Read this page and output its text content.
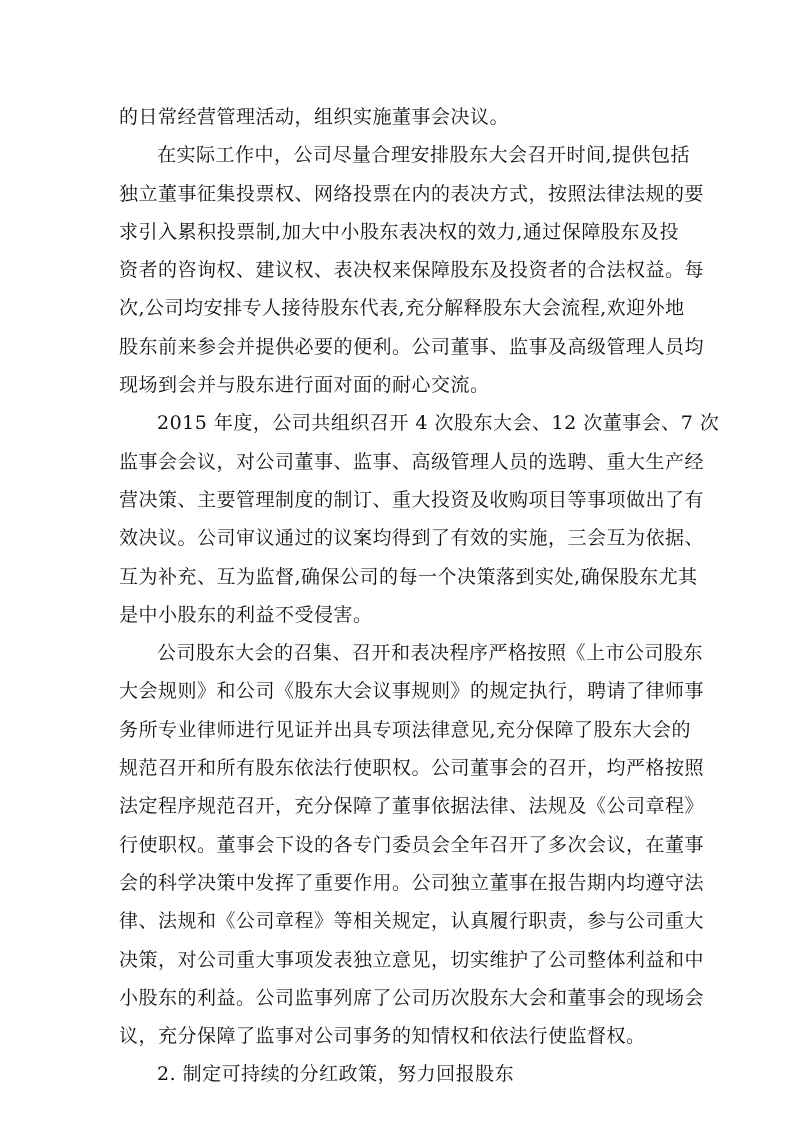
的日常经营管理活动，组织实施董事会决议。
在实际工作中，公司尽量合理安排股东大会召开时间,提供包括
独立董事征集投票权、网络投票在内的表决方式，按照法律法规的要
求引入累积投票制,加大中小股东表决权的效力,通过保障股东及投
资者的咨询权、建议权、表决权来保障股东及投资者的合法权益。每
次,公司均安排专人接待股东代表,充分解释股东大会流程,欢迎外地
股东前来参会并提供必要的便利。公司董事、监事及高级管理人员均
现场到会并与股东进行面对面的耐心交流。
2015 年度，公司共组织召开 4 次股东大会、12 次董事会、7 次
监事会会议，对公司董事、监事、高级管理人员的选聘、重大生产经
营决策、主要管理制度的制订、重大投资及收购项目等事项做出了有
效决议。公司审议通过的议案均得到了有效的实施，三会互为依据、
互为补充、互为监督,确保公司的每一个决策落到实处,确保股东尤其
是中小股东的利益不受侵害。
公司股东大会的召集、召开和表决程序严格按照《上市公司股东
大会规则》和公司《股东大会议事规则》的规定执行，聘请了律师事
务所专业律师进行见证并出具专项法律意见,充分保障了股东大会的
规范召开和所有股东依法行使职权。公司董事会的召开，均严格按照
法定程序规范召开，充分保障了董事依据法律、法规及《公司章程》
行使职权。董事会下设的各专门委员会全年召开了多次会议，在董事
会的科学决策中发挥了重要作用。公司独立董事在报告期内均遵守法
律、法规和《公司章程》等相关规定，认真履行职责，参与公司重大
决策，对公司重大事项发表独立意见，切实维护了公司整体利益和中
小股东的利益。公司监事列席了公司历次股东大会和董事会的现场会
议，充分保障了监事对公司事务的知情权和依法行使监督权。
2. 制定可持续的分红政策，努力回报股东
